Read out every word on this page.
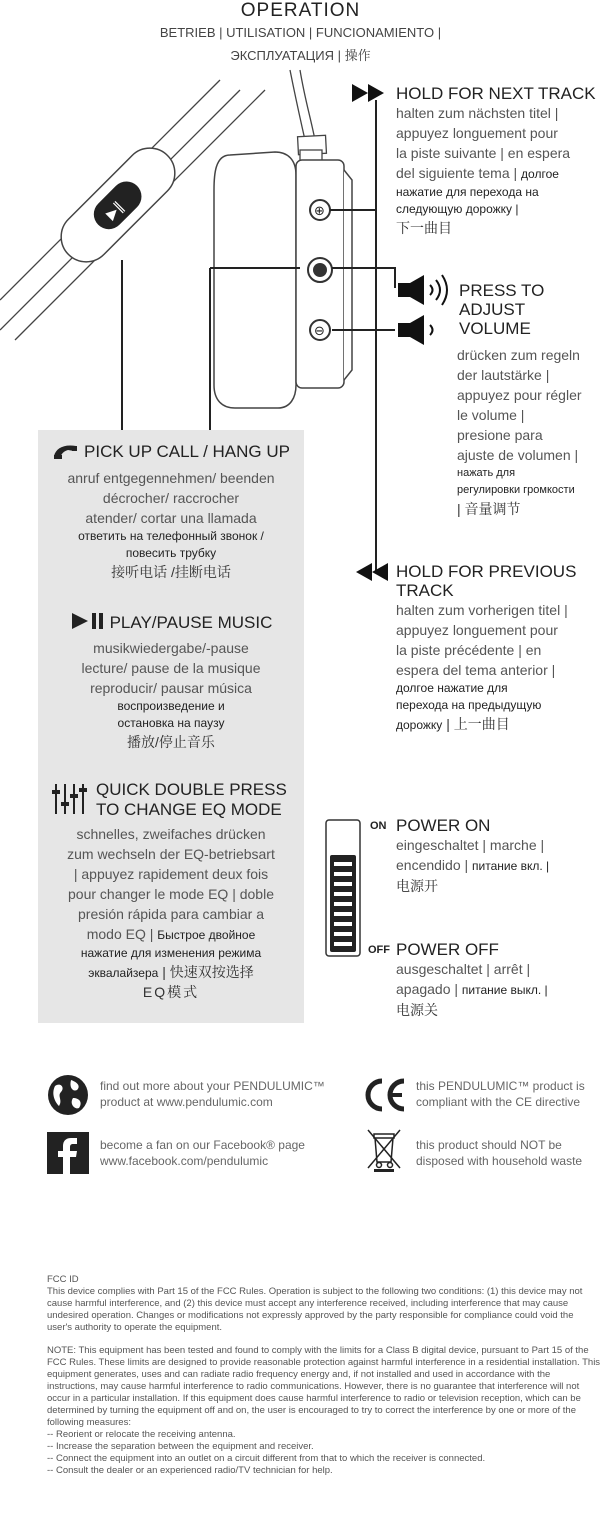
OPERATION
BETRIEB | UTILISATION | FUNCIONAMIENTO |
ЭКСПЛУАТАЦИЯ | 操作
▶︎‖	⊕
⊖
HOLD FOR NEXT TRACK
halten zum nächsten titel |
appuyez longuement pour
la piste suivante | en espera
del siguiente tema | долгое
нажатие для перехода на
следующую дорожку |
下一曲目
PRESS TO
ADJUST
VOLUME
drücken zum regeln
der lautstärke |
appuyez pour régler
le volume |
presione para
ajuste de volumen |
нажать для
регулировки громкости
| 音量调节
HOLD FOR PREVIOUS
TRACK
halten zum vorherigen titel |
appuyez longuement pour
la piste précédente | en
espera del tema anterior |
долгое нажатие для
перехода на предыдущую
дорожку | 上一曲目
PICK UP CALL / HANG UP
anruf entgegennehmen/ beenden
décrocher/ raccrocher
atender/ cortar una llamada
ответить на телефонный звонок /
повесить трубку
接听电话 /挂断电话
PLAY/PAUSE MUSIC
musikwiedergabe/-pause
lecture/ pause de la musique
reproducir/ pausar música
воспроизведение и
остановка на паузу
播放/停止音乐
QUICK DOUBLE PRESS
TO CHANGE EQ MODE
schnelles, zweifaches drücken
zum wechseln der EQ-betriebsart
| appuyez rapidement deux fois
pour changer le mode EQ | doble
presión rápida para cambiar a
modo EQ | Быстрое двойное
нажатие для изменения режима
эквалайзера | 快速双按选择
EQ模式
ON POWER ON
eingeschaltet | marche |
encendido | питание вкл. |
电源开
OFF POWER OFF
ausgeschaltet | arrêt |
apagado | питание выкл. |
电源关
find out more about your PENDULUMIC™
product at www.pendulumic.com
become a fan on our Facebook® page
www.facebook.com/pendulumic
this PENDULUMIC™ product is
compliant with the CE directive
this product should NOT be
disposed with household waste
FCC ID
This device complies with Part 15 of the FCC Rules. Operation is subject to the following two conditions: (1) this device may not cause harmful interference, and (2) this device must accept any interference received, including interference that may cause undesired operation. Changes or modifications not expressly approved by the party responsible for compliance could void the user's authority to operate the equipment.
NOTE: This equipment has been tested and found to comply with the limits for a Class B digital device, pursuant to Part 15 of the FCC Rules. These limits are designed to provide reasonable protection against harmful interference in a residential installation. This equipment generates, uses and can radiate radio frequency energy and, if not installed and used in accordance with the instructions, may cause harmful interference to radio communications. However, there is no guarantee that interference will not occur in a particular installation. If this equipment does cause harmful interference to radio or television reception, which can be determined by turning the equipment off and on, the user is encouraged to try to correct the interference by one or more of the following measures:
-- Reorient or relocate the receiving antenna.
-- Increase the separation between the equipment and receiver.
-- Connect the equipment into an outlet on a circuit different from that to which the receiver is connected.
-- Consult the dealer or an experienced radio/TV technician for help.
